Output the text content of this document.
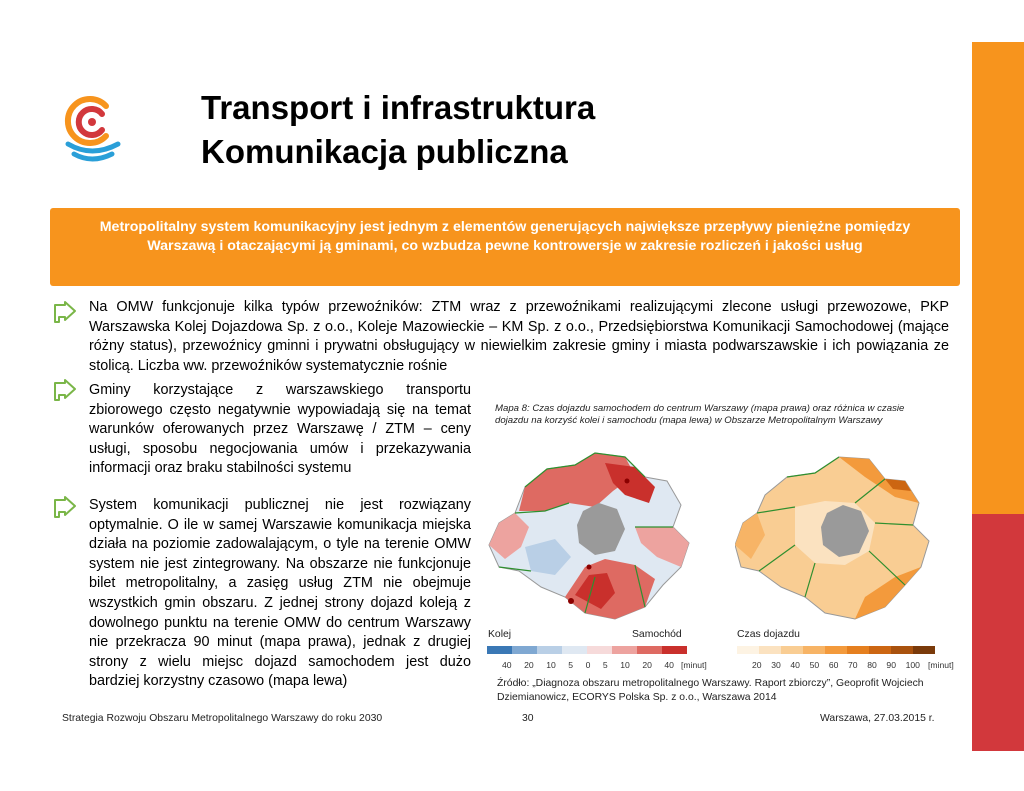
Transport i infrastruktura
Komunikacja publiczna
Metropolitalny system komunikacyjny jest jednym z elementów generujących największe przepływy pieniężne pomiędzy Warszawą i otaczającymi ją gminami, co wzbudza pewne kontrowersje w zakresie rozliczeń i jakości usług
Na OMW funkcjonuje kilka typów przewoźników: ZTM wraz z przewoźnikami realizującymi zlecone usługi przewozowe, PKP Warszawska Kolej Dojazdowa Sp. z o.o., Koleje Mazowieckie – KM Sp. z o.o., Przedsiębiorstwa Komunikacji Samochodowej (mające różny status), przewoźnicy gminni i prywatni obsługujący w niewielkim zakresie gminy i miasta podwarszawskie i ich powiązania ze stolicą. Liczba ww. przewoźników systematycznie rośnie
Gminy korzystające z warszawskiego transportu zbiorowego często negatywnie wypowiadają się na temat warunków oferowanych przez Warszawę / ZTM – ceny usługi, sposobu negocjowania umów i przekazywania informacji oraz braku stabilności systemu
System komunikacji publicznej nie jest rozwiązany optymalnie. O ile w samej Warszawie komunikacja miejska działa na poziomie zadowalającym, o tyle na terenie OMW system nie jest zintegrowany. Na obszarze nie funkcjonuje bilet metropolitalny, a zasięg usług ZTM nie obejmuje wszystkich gmin obszaru. Z jednej strony dojazd koleją z dowolnego punktu na terenie OMW do centrum Warszawy nie przekracza 90 minut (mapa prawa), jednak z drugiej strony z wielu miejsc dojazd samochodem jest dużo bardziej korzystny czasowo (mapa lewa)
Mapa 8: Czas dojazdu samochodem do centrum Warszawy (mapa prawa) oraz różnica w czasie dojazdu na korzyść kolei i samochodu (mapa lewa) w Obszarze Metropolitalnym Warszawy
Kolej	Samochód
40 20 10 5 0 5 10 20 40 [minut]
Czas dojazdu
20 30 40 50 60 70 80 90 100 [minut]
Źródło: „Diagnoza obszaru metropolitalnego Warszawy. Raport zbiorczy”, Geoprofit Wojciech Dziemianowicz, ECORYS Polska Sp. z o.o., Warszawa 2014
Strategia Rozwoju Obszaru Metropolitalnego Warszawy do roku 2030	30	Warszawa, 27.03.2015 r.
